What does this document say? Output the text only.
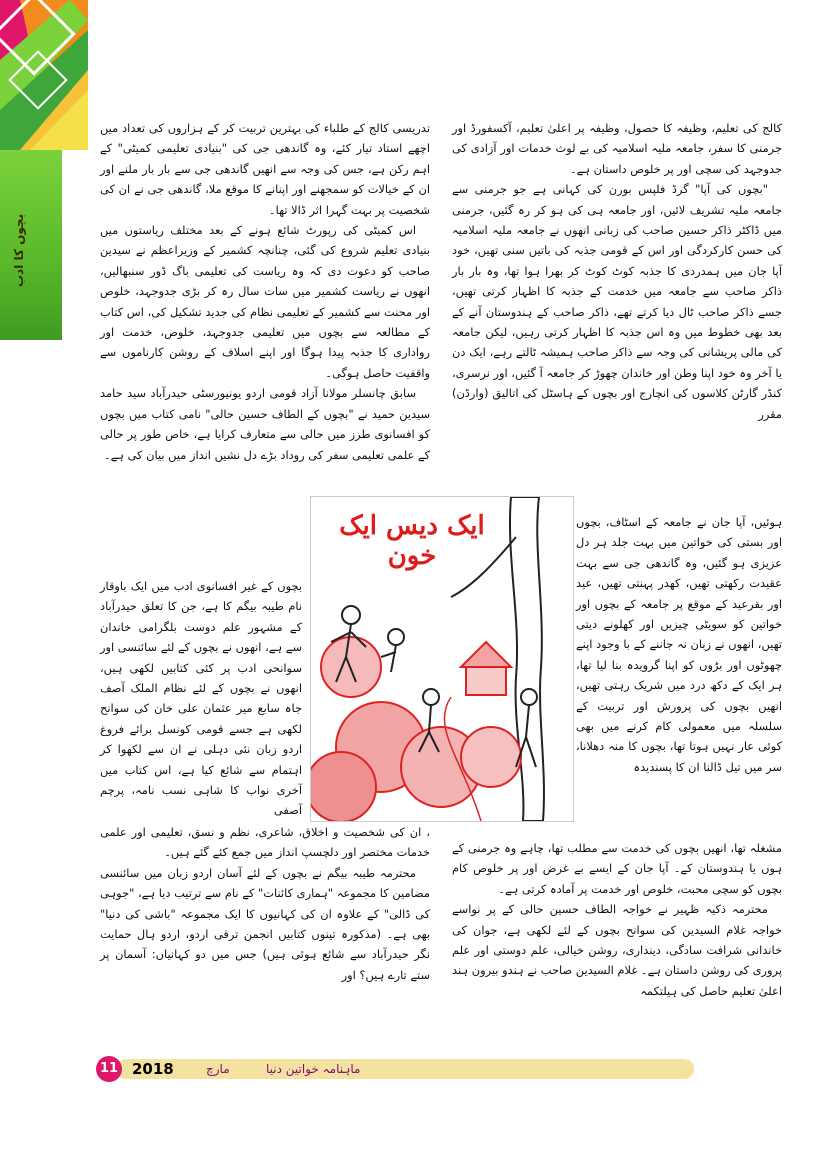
بچوں کا ادب

کالج کی تعلیم، وظیفہ کا حصول، وظیفہ پر اعلیٰ تعلیم، آکسفورڈ اور جرمنی کا سفر، جامعہ ملیہ اسلامیہ کی بے لوث خدمات اور آزادی کی جدوجہد کی سچی اور پر خلوص داستان ہے۔

"بچوں کی آپا" گرڈ فلپس بورن کی کہانی ہے جو جرمنی سے جامعہ ملیہ تشریف لائیں، اور جامعہ ہی کی ہو کر رہ گئیں، جرمنی میں ڈاکٹر ذاکر حسین صاحب کی زبانی انھوں نے جامعہ ملیہ اسلامیہ کی حسن کارکردگی اور اس کے قومی جذبہ کی باتیں سنی تھیں، خود آپا جان میں ہمدردی کا جذبہ کوٹ کوٹ کر بھرا ہوا تھا، وہ بار بار ذاکر صاحب سے جامعہ میں خدمت کے جذبہ کا اظہار کرتی تھیں، جسے ذاکر صاحب ٹال دیا کرتے تھے، ذاکر صاحب کے ہندوستان آنے کے بعد بھی خطوط میں وہ اس جذبہ کا اظہار کرتی رہیں، لیکن جامعہ کی مالی پریشانی کی وجہ سے ذاکر صاحب ہمیشہ ٹالتے رہے، ایک دن یا آخر وہ خود اپنا وطن اور خاندان چھوڑ کر جامعہ آ گئیں، اور نرسری، کنڈر گارٹن کلاسوں کی انچارج اور بچوں کے ہاسٹل کی اتالیق (وارڈن) مقرر

ہوئیں، آپا جان نے جامعہ کے اسٹاف، بچوں اور بستی کی خواتین میں بہت جلد ہر دل عزیزی ہو گئیں، وہ گاندھی جی سے بہت عقیدت رکھتی تھیں، کھدر پہنتی تھیں، عید اور بقرعید کے موقع پر جامعہ کے بچوں اور خواتین کو سویٹی چیزیں اور کھلونے دیتی تھیں، انھوں نے زبان نہ جاننے کے با وجود اپنے چھوٹوں اور بڑوں کو اپنا گرویدہ بنا لیا تھا، ہر ایک کے دکھ درد میں شریک رہتی تھیں، انھیں بچوں کی پرورش اور تربیت کے سلسلہ میں معمولی کام کرنے میں بھی کوئی عار نہیں ہوتا تھا، بچوں کا منہ دھلانا، سر میں تیل ڈالنا ان کا پسندیدہ

مشغلہ تھا، انھیں بچوں کی خدمت سے مطلب تھا، چاہے وہ جرمنی کے ہوں یا ہندوستان کے۔ آپا جان کے ایسے بے غرض اور پر خلوص کام بچوں کو سچی محبت، خلوص اور خدمت پر آمادہ کرتی ہے۔

محترمہ ذکیہ ظہیر نے خواجہ الطاف حسین حالی کے پر نواسے خواجہ غلام السیدین کی سوانح بچوں کے لئے لکھی ہے، جوان کی خاندانی شرافت سادگی، دینداری، روشن خیالی، علم دوستی اور علم پروری کی روشن داستان ہے۔ غلام السیدین صاحب نے ہندو بیرون ہند اعلیٰ تعلیم حاصل کی ہیلتکمہ

تدریسی کالج کے طلباء کی بہترین تربیت کر کے ہزاروں کی تعداد میں اچھے استاد تیار کئے، وہ گاندھی جی کی "بنیادی تعلیمی کمیٹی" کے اہم رکن ہے، جس کی وجہ سے انھیں گاندھی جی سے بار بار ملنے اور ان کے خیالات کو سمجھنے اور اپنانے کا موقع ملا، گاندھی جی نے ان کی شخصیت پر بہت گہرا اثر ڈالا تھا۔

اس کمیٹی کی رپورٹ شائع ہونے کے بعد مختلف ریاستوں میں بنیادی تعلیم شروع کی گئی، چنانچہ کشمیر کے وزیراعظم نے سیدین صاحب کو دعوت دی کہ وہ ریاست کی تعلیمی باگ ڈور سنبھالیں، انھوں نے ریاست کشمیر میں سات سال رہ کر بڑی جدوجہد، خلوص اور محنت سے کشمیر کے تعلیمی نظام کی جدید تشکیل کی، اس کتاب کے مطالعہ سے بچوں میں تعلیمی جدوجہد، خلوص، خدمت اور رواداری کا جذبہ پیدا ہوگا اور اپنے اسلاف کے روشن کارناموں سے واقفیت حاصل ہوگی۔

سابق چانسلر مولانا آزاد قومی اردو یونیورسٹی حیدرآباد سید حامد سیدین حمید نے "بچوں کے الطاف حسین حالی" نامی کتاب میں بچوں کو افسانوی طرز میں حالی سے متعارف کرایا ہے، خاص طور پر حالی کے علمی تعلیمی سفر کی روداد بڑے دل نشیں انداز میں بیان کی ہے۔

بچوں کے غیر افسانوی ادب میں ایک باوقار نام طیبہ بیگم کا ہے، جن کا تعلق حیدرآباد کے مشہور علم دوست بلگرامی خاندان سے ہے، انھوں نے بچوں کے لئے سائنسی اور سوانحی ادب پر کئی کتابیں لکھی ہیں، انھوں نے بچوں کے لئے نظام الملک آصف جاہ سابع میر عثمان علی خان کی سوانح لکھی ہے جسے قومی کونسل برائے فروغ اردو زبان نئی دہلی نے ان سے لکھوا کر اہتمام سے شائع کیا ہے، اس کتاب میں آخری نواب کا شاہی نسب نامہ، پرچم آصفی

، ان کی شخصیت و اخلاق، شاعری، نظم و نسق، تعلیمی اور علمی خدمات مختصر اور دلچسپ انداز میں جمع کئے گئے ہیں۔

محترمہ طیبہ بیگم نے بچوں کے لئے آسان اردو زبان میں سائنسی مضامین کا مجموعہ "ہماری کائنات" کے نام سے ترتیب دیا ہے، "جوہی کی ڈالی" کے علاوہ ان کی کہانیوں کا ایک مجموعہ "باشی کی دنیا" بھی ہے۔ (مذکورہ تینوں کتابیں انجمن ترقی اردو، اردو ہال حمایت نگر حیدرآباد سے شائع ہوئی ہیں) جس میں دو کہانیاں: آسمان پر ستے تارے ہیں؟ اور

ایک دیس ایک خون
11 2018	مارچ	ماہنامہ خواتین دنیا
